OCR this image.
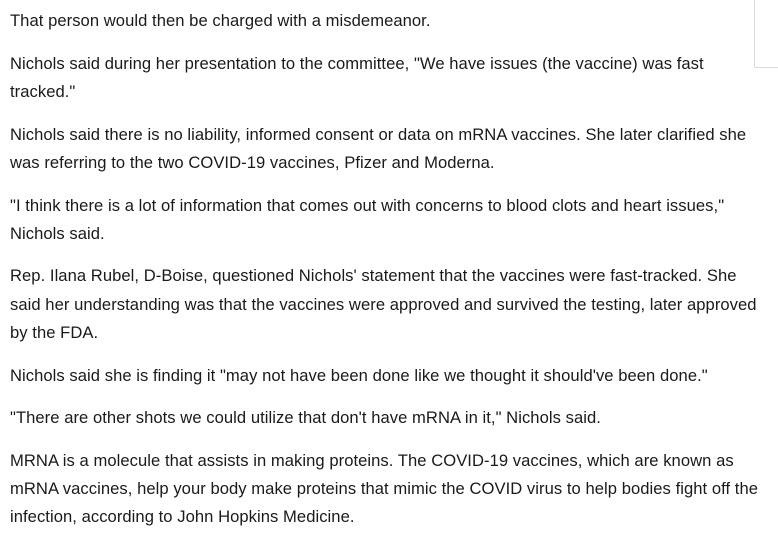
That person would then be charged with a misdemeanor.

Nichols said during her presentation to the committee, "We have issues (the vaccine) was fast tracked."

Nichols said there is no liability, informed consent or data on mRNA vaccines. She later clarified she was referring to the two COVID-19 vaccines, Pfizer and Moderna.

"I think there is a lot of information that comes out with concerns to blood clots and heart issues," Nichols said.

Rep. Ilana Rubel, D-Boise, questioned Nichols' statement that the vaccines were fast-tracked. She said her understanding was that the vaccines were approved and survived the testing, later approved by the FDA.

Nichols said she is finding it "may not have been done like we thought it should've been done."

"There are other shots we could utilize that don't have mRNA in it," Nichols said.

MRNA is a molecule that assists in making proteins. The COVID-19 vaccines, which are known as mRNA vaccines, help your body make proteins that mimic the COVID virus to help bodies fight off the infection, according to John Hopkins Medicine.
